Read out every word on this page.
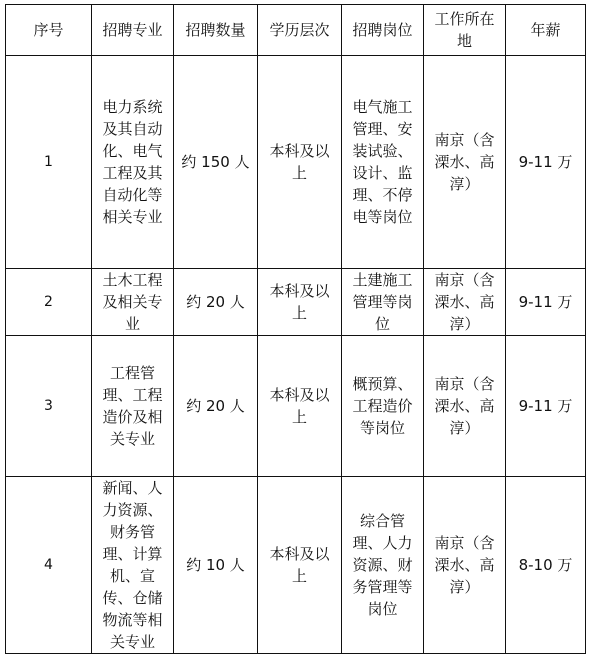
序号	招聘专业	招聘数量	学历层次	招聘岗位	工作所在地	年薪
1	电力系统及其自动化、电气工程及其自动化等相关专业	约 150 人	本科及以上	电气施工管理、安装试验、设计、监理、不停电等岗位	南京（含溧水、高淳）	9-11 万
2	土木工程及相关专业	约 20 人	本科及以上	土建施工管理等岗位	南京（含溧水、高淳）	9-11 万
3	工程管理、工程造价及相关专业	约 20 人	本科及以上	概预算、工程造价等岗位	南京（含溧水、高淳）	9-11 万
4	新闻、人力资源、财务管理、计算机、宣传、仓储物流等相关专业	约 10 人	本科及以上	综合管理、人力资源、财务管理等岗位	南京（含溧水、高淳）	8-10 万
